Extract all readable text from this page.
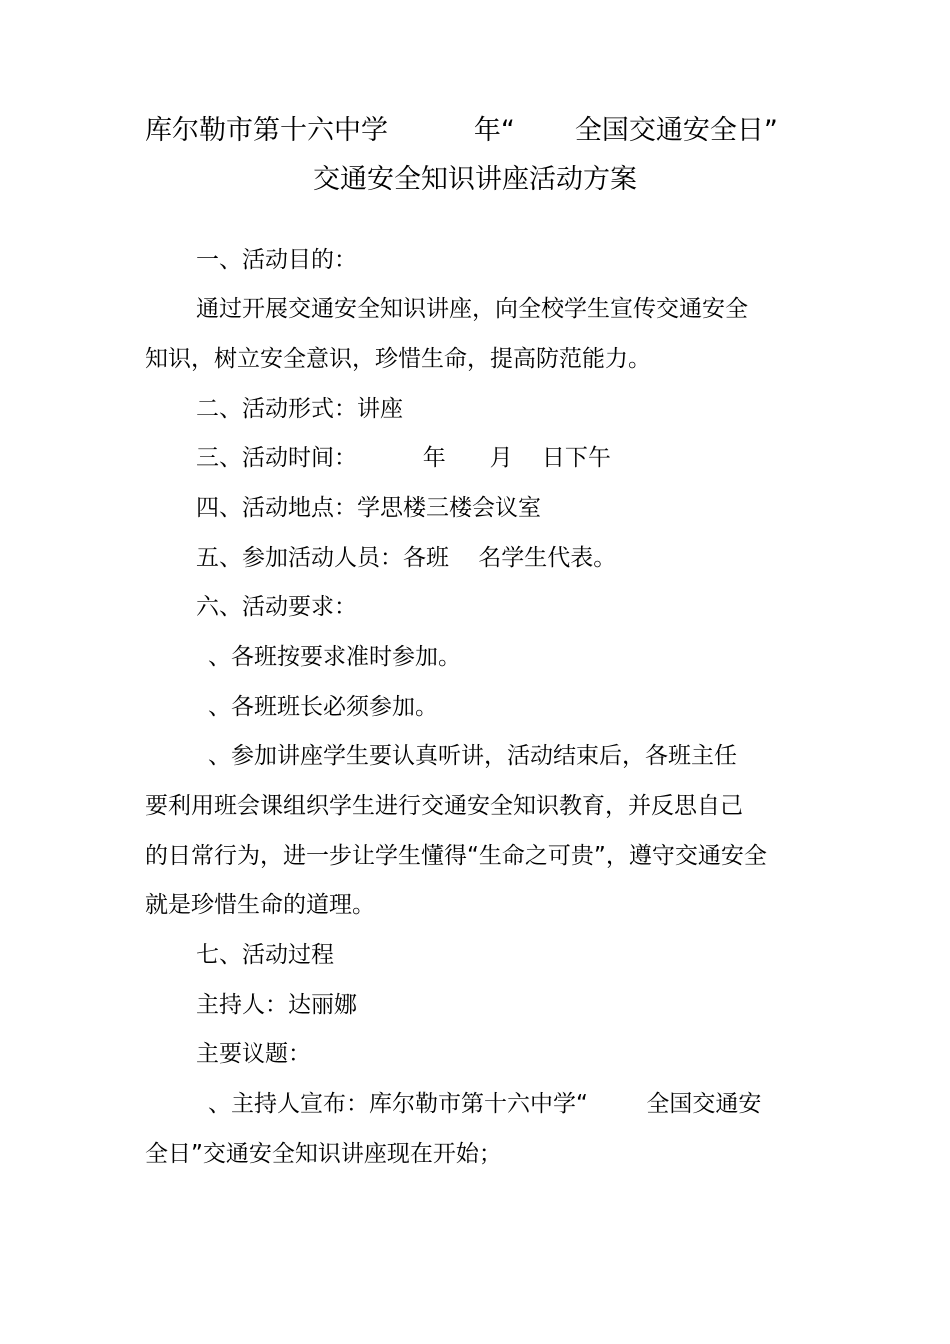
库尔勒市第十六中学          年“       全国交通安全日”
交通安全知识讲座活动方案
一、活动目的：
通过开展交通安全知识讲座，向全校学生宣传交通安全
知识，树立安全意识，珍惜生命，提高防范能力。
二、活动形式：讲座
三、活动时间：         年      月    日下午
四、活动地点：学思楼三楼会议室
五、参加活动人员：各班    名学生代表。
六、活动要求：
、各班按要求准时参加。
、各班班长必须参加。
、参加讲座学生要认真听讲，活动结束后，各班主任
要利用班会课组织学生进行交通安全知识教育，并反思自己
的日常行为，进一步让学生懂得“生命之可贵”，遵守交通安全
就是珍惜生命的道理。
七、活动过程
主持人：达丽娜
主要议题：
、主持人宣布：库尔勒市第十六中学“        全国交通安
全日”交通安全知识讲座现在开始；
